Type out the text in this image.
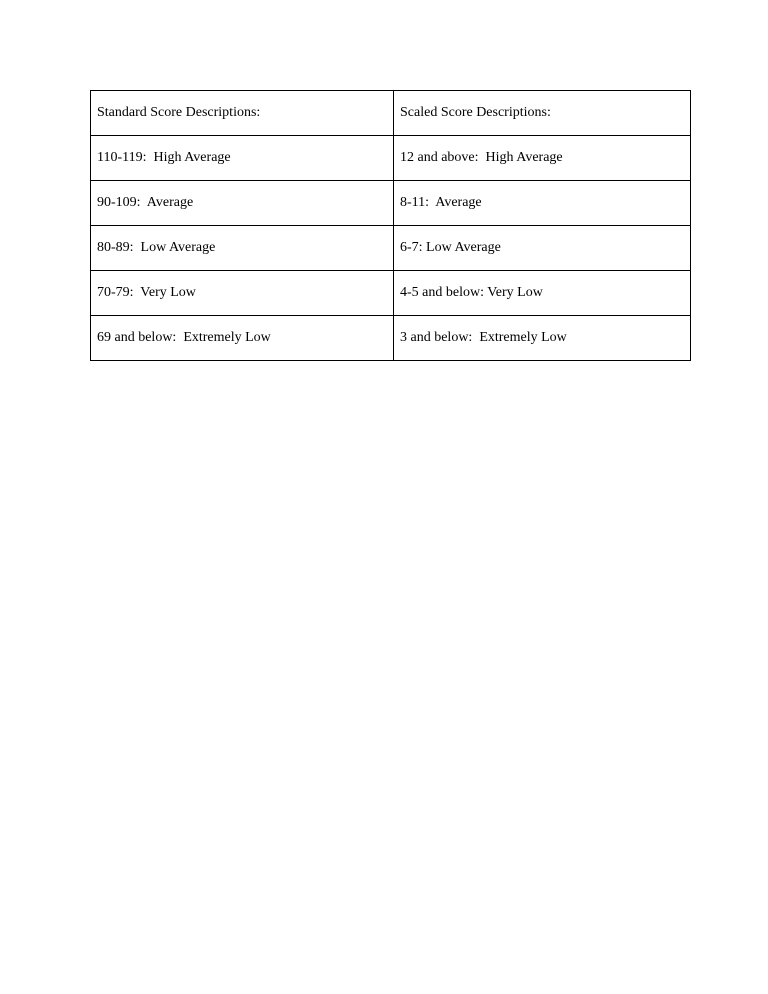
Standard Score Descriptions:	Scaled Score Descriptions:
110-119:  High Average	12 and above:  High Average
90-109:  Average	8-11:  Average
80-89:  Low Average	6-7: Low Average
70-79:  Very Low	4-5 and below: Very Low
69 and below:  Extremely Low	3 and below:  Extremely Low
